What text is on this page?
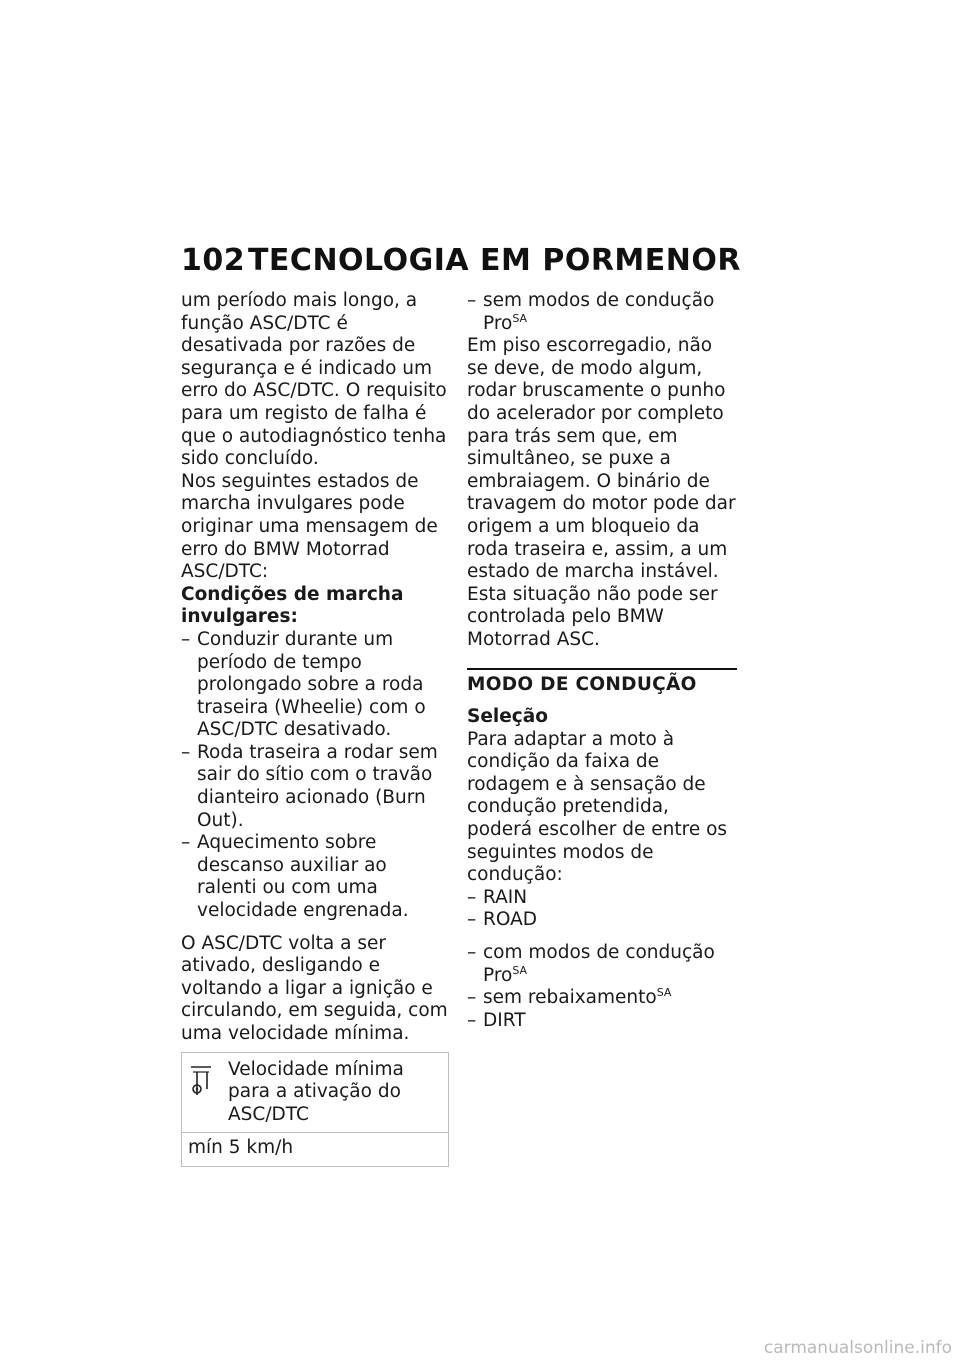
102 TECNOLOGIA EM PORMENOR

um período mais longo, a função ASC/DTC é desativada por razões de segurança e é indicado um erro do ASC/DTC. O requisito para um registo de falha é que o autodiagnóstico tenha sido concluído.

Nos seguintes estados de marcha invulgares pode originar uma mensagem de erro do BMW Motorrad ASC/DTC:

Condições de marcha invulgares:

– Conduzir durante um período de tempo prolongado sobre a roda traseira (Wheelie) com o ASC/DTC desativado.
– Roda traseira a rodar sem sair do sítio com o travão dianteiro acionado (Burn Out).
– Aquecimento sobre descanso auxiliar ao ralenti ou com uma velocidade engrenada.

O ASC/DTC volta a ser ativado, desligando e voltando a ligar a ignição e circulando, em seguida, com uma velocidade mínima.

Velocidade mínima para a ativação do ASC/DTC
mín 5 km/h
– sem modos de condução Pro$^{SA}$

Em piso escorregadio, não se deve, de modo algum, rodar bruscamente o punho do acelerador por completo para trás sem que, em simultâneo, se puxe a embraiagem. O binário de travagem do motor pode dar origem a um bloqueio da roda traseira e, assim, a um estado de marcha instável. Esta situação não pode ser controlada pelo BMW Motorrad ASC.

MODO DE CONDUÇÃO

Seleção

Para adaptar a moto à condição da faixa de rodagem e à sensação de condução pretendida, poderá escolher de entre os seguintes modos de condução:

– RAIN
– ROAD
– com modos de condução Pro$^{SA}$
– sem rebaixamento$^{SA}$
– DIRT
carmanualsonline.info
